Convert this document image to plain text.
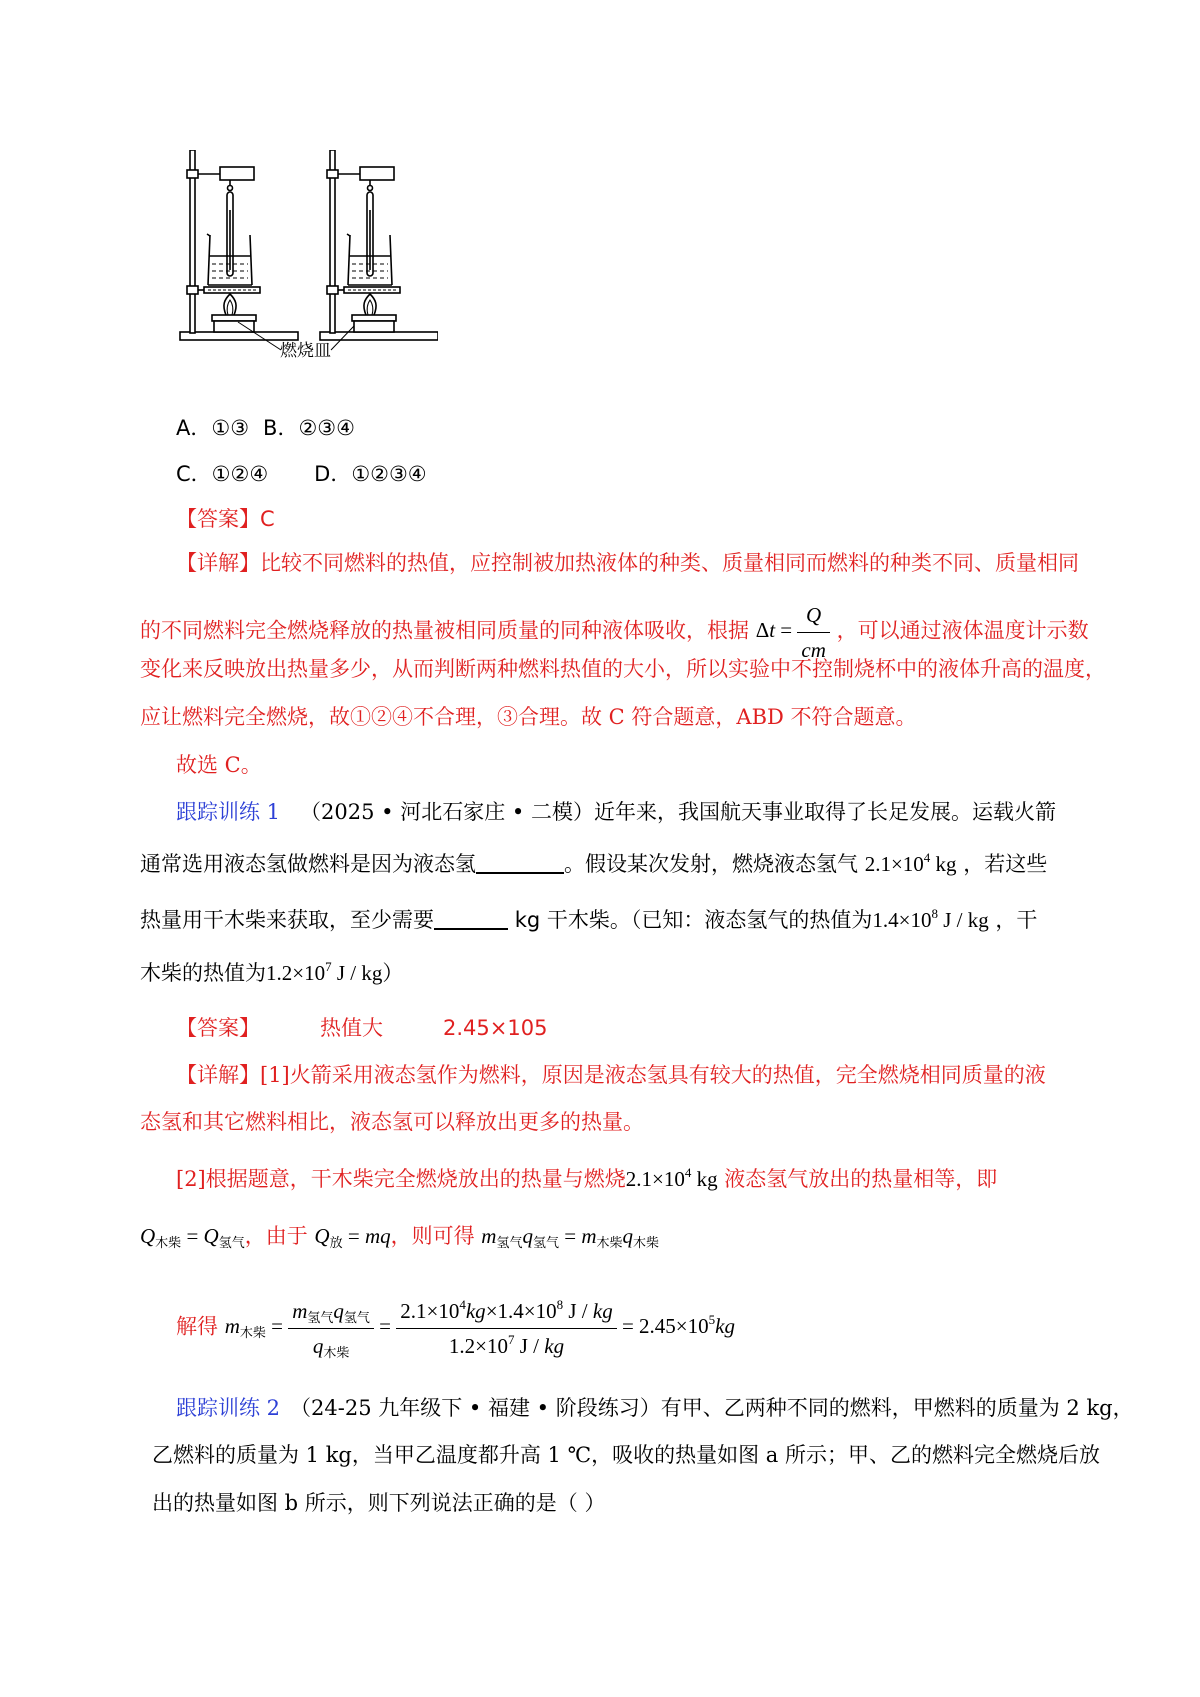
燃烧皿
A．①③ B．②③④
C．①②④ D．①②③④
【答案】C
【详解】比较不同燃料的热值，应控制被加热液体的种类、质量相同而燃料的种类不同、质量相同
的不同燃料完全燃烧释放的热量被相同质量的同种液体吸收，根据 $\Delta t = \frac{Q}{cm}$ ，可以通过液体温度计示数
变化来反映放出热量多少，从而判断两种燃料热值的大小，所以实验中不控制烧杯中的液体升高的温度，
应让燃料完全燃烧，故①②④不合理，③合理。故 C 符合题意，ABD 不符合题意。
故选 C。
跟踪训练 1 （2025 • 河北石家庄 • 二模）近年来，我国航天事业取得了长足发展。运载火箭
通常选用液态氢做燃料是因为液态氢	。假设某次发射，燃烧液态氢气 $2.1\times 10^4$ kg ，若这些
热量用干木柴来获取，至少需要	kg 干木柴。（已知：液态氢气的热值为$1.4\times 10^8$ J / kg ，干
木柴的热值为$1.2\times 10^7$ J / kg）
【答案】	热值大	2.45×105
【详解】[1]火箭采用液态氢作为燃料，原因是液态氢具有较大的热值，完全燃烧相同质量的液
态氢和其它燃料相比，液态氢可以释放出更多的热量。
[2]根据题意，干木柴完全燃烧放出的热量与燃烧$2.1\times 10^4$ kg 液态氢气放出的热量相等，即
$Q_{木柴} = Q_{氢气}$，由于 $Q_放$ = mq，则可得 $m_{氢气}q_{氢气} = m_{木柴}q_{木柴}$
解得 $m_{木柴} = \frac{m_{氢气}q_{氢气}}{q_{木柴}} = \frac{2.1\times 10^4kg\times 1.4\times 10^8 J / kg}{1.2\times 10^7 J / kg} = 2.45\times 10^5kg$
跟踪训练 2 （24-25 九年级下 • 福建 • 阶段练习）有甲、乙两种不同的燃料，甲燃料的质量为 2 kg，
乙燃料的质量为 1 kg，当甲乙温度都升高 1 ℃，吸收的热量如图 a 所示；甲、乙的燃料完全燃烧后放
出的热量如图 b 所示，则下列说法正确的是（ ）
